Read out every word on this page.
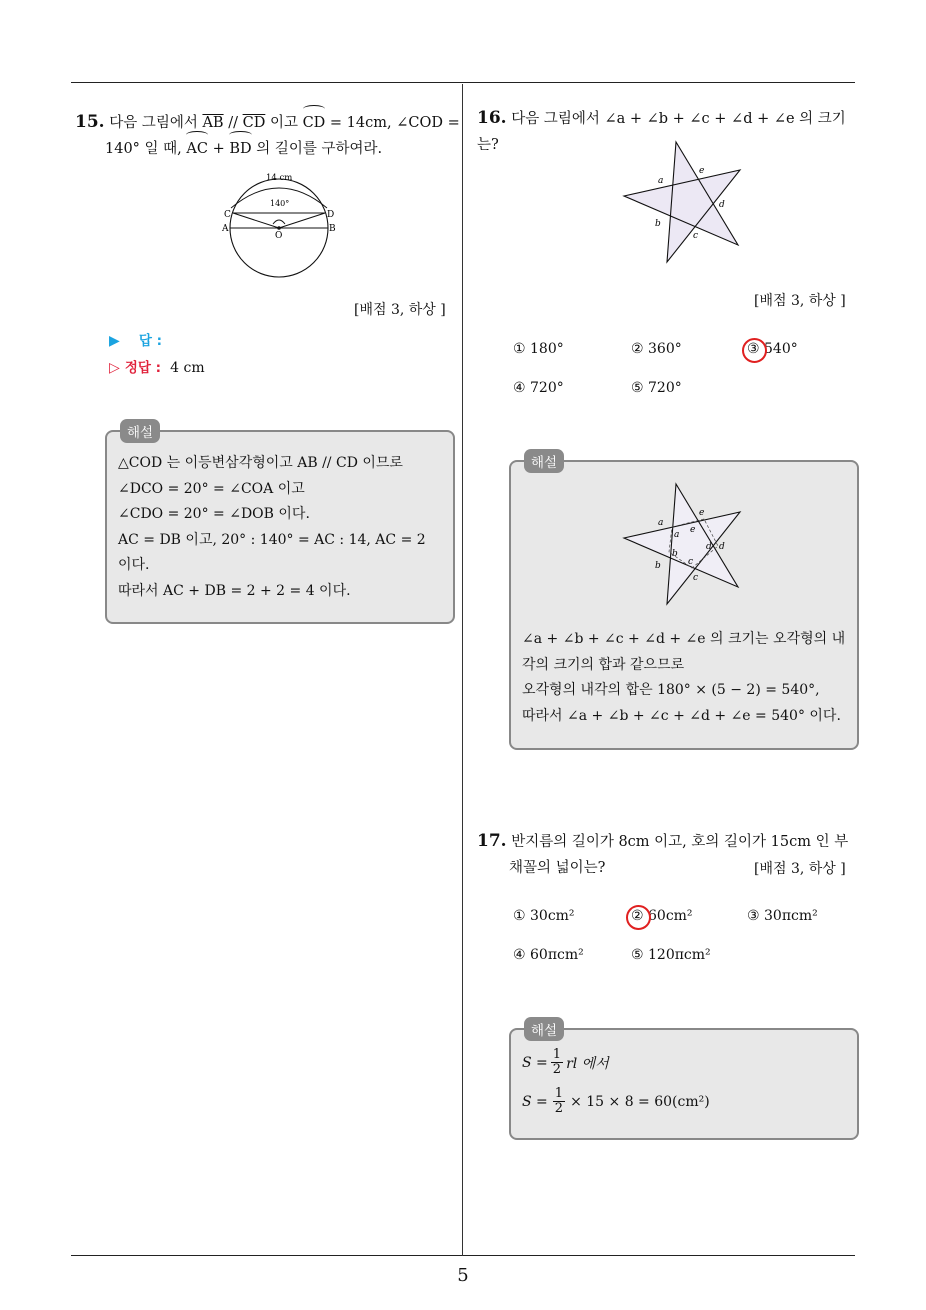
15. 다음 그림에서 $\overline{AB} // \overline{CD}$ 이고 CD = 14cm, ∠COD =
140° 일 때, AC + BD 의 길이를 구하여라.
14 cm
140°
C	D
A	B
O
[배점 3, 하상 ]
▶ 답 :
▷ 정답 : 4 cm
해설
△COD 는 이등변삼각형이고 AB // CD 이므로
∠DCO = 20° = ∠COA 이고
∠CDO = 20° = ∠DOB 이다.
AC = DB 이고, 20° : 140° = AC : 14, AC = 2
이다.
따라서 AC + DB = 2 + 2 = 4 이다.
16. 다음 그림에서 ∠a + ∠b + ∠c + ∠d + ∠e 의 크기는?
a
b
c
d
e
[배점 3, 하상 ]
① 180°	② 360°	③ 540°
④ 720°	⑤ 720°
해설
a
a
b
b
c
c
d
d
e
e
∠a + ∠b + ∠c + ∠d + ∠e 의 크기는 오각형의 내
각의 크기의 합과 같으므로
오각형의 내각의 합은 180° × (5 − 2) = 540°,
따라서 ∠a + ∠b + ∠c + ∠d + ∠e = 540° 이다.
17. 반지름의 길이가 8cm 이고, 호의 길이가 15cm 인 부
채꼴의 넓이는?	[배점 3, 하상 ]
① 30cm²	② 60cm²	③ 30πcm²
④ 60πcm²	⑤ 120πcm²
해설
$S = \frac{1}{2}$ rl 에서
$S = \frac{1}{2} \times 15 \times 8 = 60(cm^2)$
5
